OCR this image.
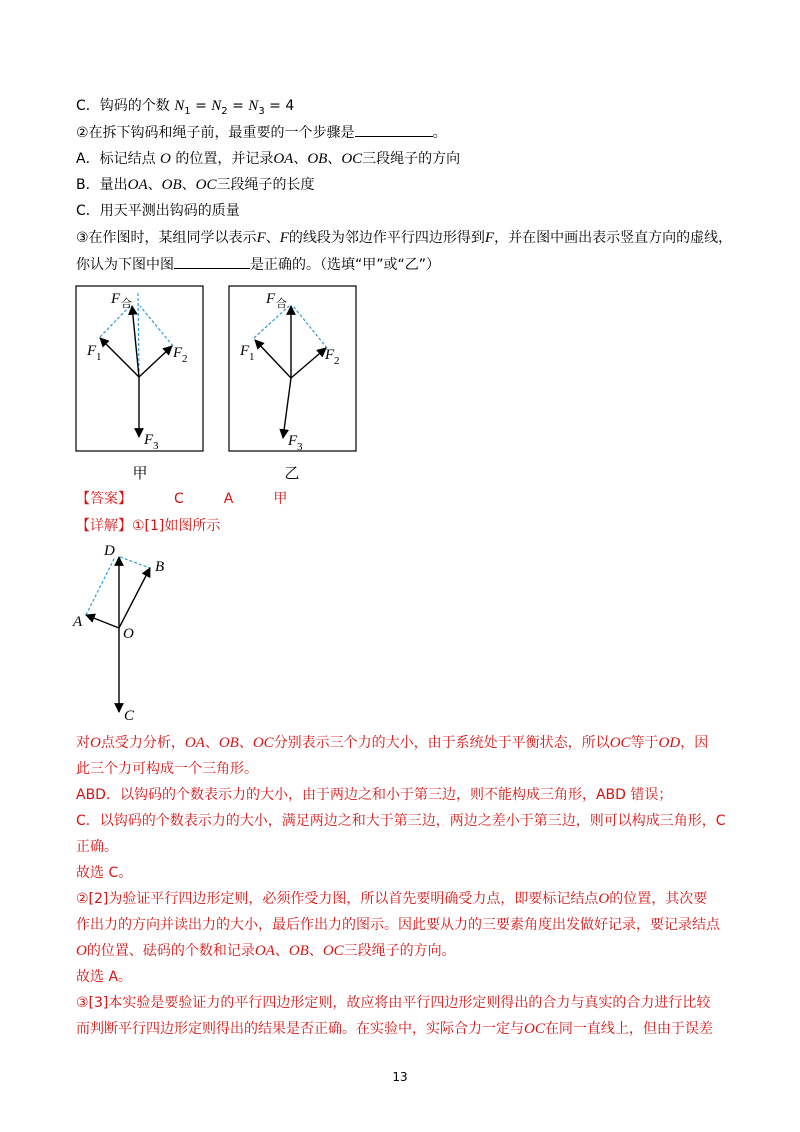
C．钩码的个数 $N_1 = N_2 = N_3 = 4$
②在拆下钩码和绳子前，最重要的一个步骤是	。
A．标记结点 O 的位置，并记录OA、OB、OC三段绳子的方向
B．量出OA、OB、OC三段绳子的长度
C．用天平测出钩码的质量
③在作图时，某组同学以表示F、F的线段为邻边作平行四边形得到F，并在图中画出表示竖直方向的虚线，
你认为下图中图	是正确的。（选填“甲”或“乙”）
F 合
F 1	F 2
F 3
甲
F 合
F 1	F 2
F 3
乙
D
B
A
O
C
【答案】	C	A	甲
【详解】①[1]如图所示
对O点受力分析，OA、OB、OC分别表示三个力的大小，由于系统处于平衡状态，所以OC等于OD，因
此三个力可构成一个三角形。
ABD．以钩码的个数表示力的大小，由于两边之和小于第三边，则不能构成三角形，ABD 错误；
C．以钩码的个数表示力的大小，满足两边之和大于第三边，两边之差小于第三边，则可以构成三角形，C
正确。
故选 C。
②[2]为验证平行四边形定则，必须作受力图，所以首先要明确受力点，即要标记结点O的位置，其次要
作出力的方向并读出力的大小，最后作出力的图示。因此要从力的三要素角度出发做好记录，要记录结点
O的位置、砝码的个数和记录OA、OB、OC三段绳子的方向。
故选 A。
③[3]本实验是要验证力的平行四边形定则，故应将由平行四边形定则得出的合力与真实的合力进行比较
而判断平行四边形定则得出的结果是否正确。在实验中，实际合力一定与OC在同一直线上，但由于误差
13
